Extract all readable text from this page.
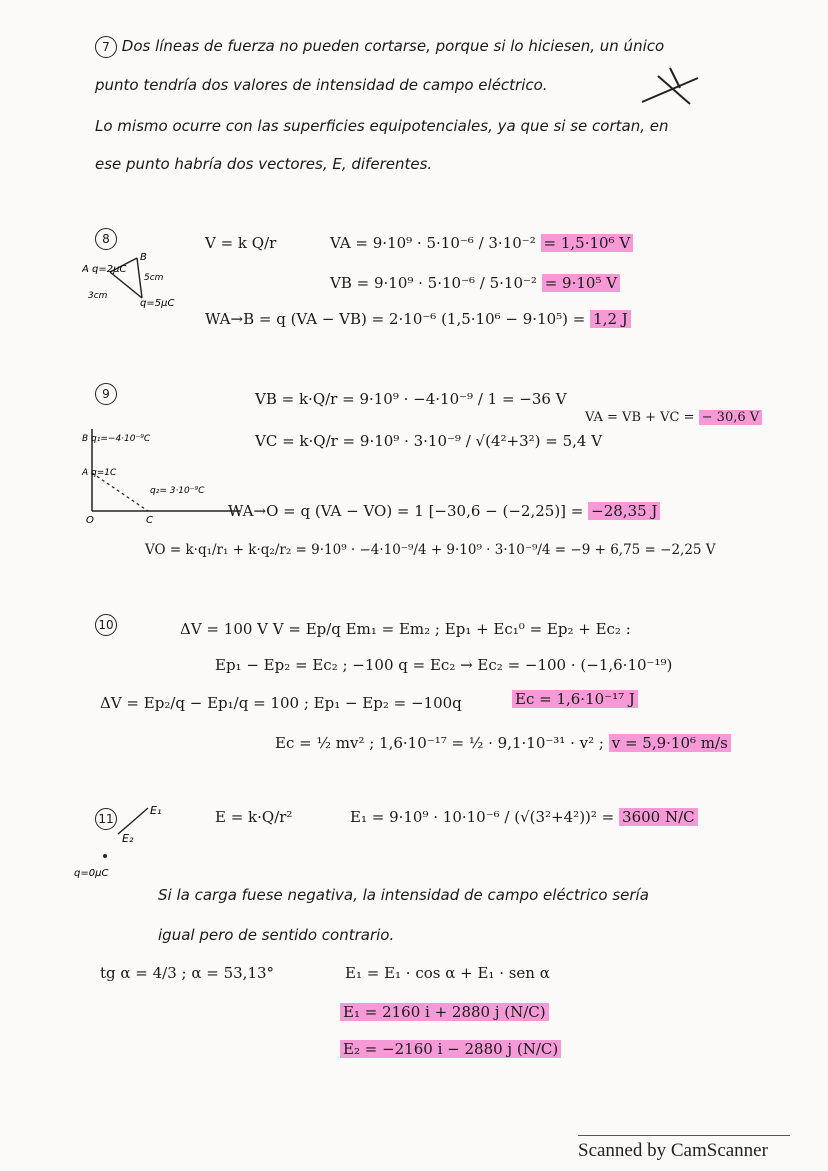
7 Dos líneas de fuerza no pueden cortarse, porque si lo hiciesen, un único
punto tendría dos valores de intensidad de campo eléctrico.
Lo mismo ocurre con las superficies equipotenciales, ya que si se cortan, en
ese punto habría dos vectores, E, diferentes.
8
A q=2μC
B
5cm
3cm
q=5μC
V = k Q/r	VA = 9·10⁹ · 5·10⁻⁶ / 3·10⁻² = 1,5·10⁶ V
VB = 9·10⁹ · 5·10⁻⁶ / 5·10⁻² = 9·10⁵ V
WA→B = q (VA − VB) = 2·10⁻⁶ (1,5·10⁶ − 9·10⁵) = 1,2 J
9	VB = k·Q/r = 9·10⁹ · −4·10⁻⁹ / 1 = −36 V
VC = k·Q/r = 9·10⁹ · 3·10⁻⁹ / √(4²+3²) = 5,4 V
VA = VB + VC = − 30,6 V
B q₁=−4·10⁻⁹C
A q=1C
q₂= 3·10⁻⁹C
O	C
WA→O = q (VA − VO) = 1 [−30,6 − (−2,25)] = −28,35 J
VO = k·q₁/r₁ + k·q₂/r₂ = 9·10⁹ · −4·10⁻⁹/4 + 9·10⁹ · 3·10⁻⁹/4 = −9 + 6,75 = −2,25 V
10	ΔV = 100 V V = Ep/q Em₁ = Em₂ ; Ep₁ + Ec₁⁰ = Ep₂ + Ec₂ :
Ep₁ − Ep₂ = Ec₂ ; −100 q = Ec₂ → Ec₂ = −100 · (−1,6·10⁻¹⁹)
ΔV = Ep₂/q − Ep₁/q = 100 ; Ep₁ − Ep₂ = −100q	Ec = 1,6·10⁻¹⁷ J
Ec = ½ mv² ; 1,6·10⁻¹⁷ = ½ · 9,1·10⁻³¹ · v² ; v = 5,9·10⁶ m/s
11
E₁
E₂
q=0μC
E = k·Q/r²	E₁ = 9·10⁹ · 10·10⁻⁶ / (√(3²+4²))² = 3600 N/C
Si la carga fuese negativa, la intensidad de campo eléctrico sería
igual pero de sentido contrario.
tg α = 4/3 ; α = 53,13°	E₁ = E₁ · cos α + E₁ · sen α
E₁ = 2160 i + 2880 j (N/C)
E₂ = −2160 i − 2880 j (N/C)
Scanned by CamScanner
